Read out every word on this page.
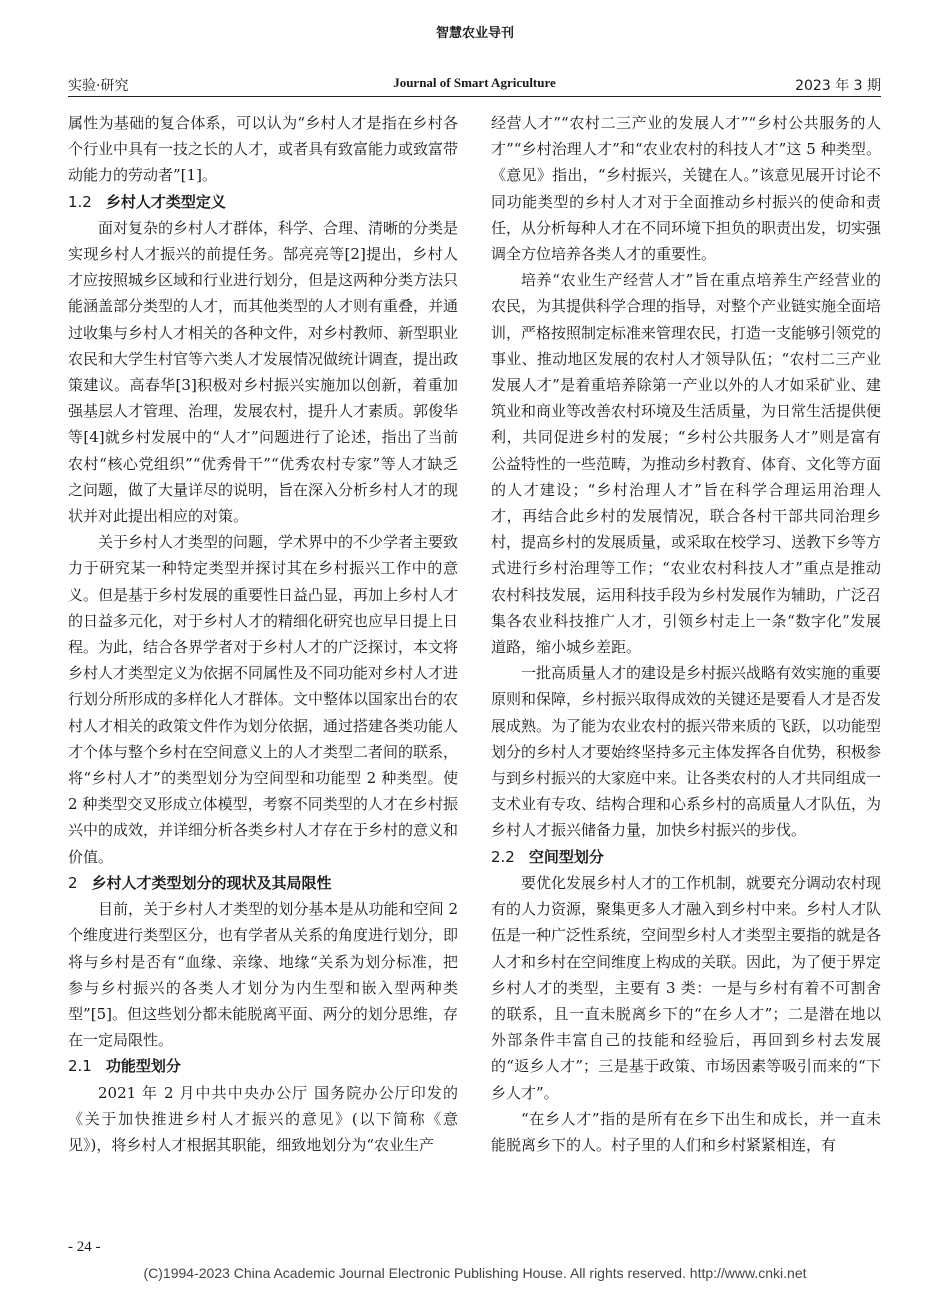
智慧农业导刊
实验·研究	Journal of Smart Agriculture	2023 年 3 期

属性为基础的复合体系，可以认为“乡村人才是指在乡村各个行业中具有一技之长的人才，或者具有致富能力或致富带动能力的劳动者”[1]。

1.2 乡村人才类型定义

面对复杂的乡村人才群体，科学、合理、清晰的分类是实现乡村人才振兴的前提任务。郜亮亮等[2]提出，乡村人才应按照城乡区域和行业进行划分，但是这两种分类方法只能涵盖部分类型的人才，而其他类型的人才则有重叠，并通过收集与乡村人才相关的各种文件，对乡村教师、新型职业农民和大学生村官等六类人才发展情况做统计调查，提出政策建议。高春华[3]积极对乡村振兴实施加以创新，着重加强基层人才管理、治理，发展农村，提升人才素质。郭俊华等[4]就乡村发展中的“人才”问题进行了论述，指出了当前农村“核心党组织”“优秀骨干”“优秀农村专家”等人才缺乏之问题，做了大量详尽的说明，旨在深入分析乡村人才的现状并对此提出相应的对策。

关于乡村人才类型的问题，学术界中的不少学者主要致力于研究某一种特定类型并探讨其在乡村振兴工作中的意义。但是基于乡村发展的重要性日益凸显，再加上乡村人才的日益多元化，对于乡村人才的精细化研究也应早日提上日程。为此，结合各界学者对于乡村人才的广泛探讨，本文将乡村人才类型定义为依据不同属性及不同功能对乡村人才进行划分所形成的多样化人才群体。文中整体以国家出台的农村人才相关的政策文件作为划分依据，通过搭建各类功能人才个体与整个乡村在空间意义上的人才类型二者间的联系，将“乡村人才”的类型划分为空间型和功能型 2 种类型。使 2 种类型交叉形成立体模型，考察不同类型的人才在乡村振兴中的成效，并详细分析各类乡村人才存在于乡村的意义和价值。

2 乡村人才类型划分的现状及其局限性

目前，关于乡村人才类型的划分基本是从功能和空间 2 个维度进行类型区分，也有学者从关系的角度进行划分，即将与乡村是否有“血缘、亲缘、地缘“关系为划分标准，把参与乡村振兴的各类人才划分为内生型和嵌入型两种类型”[5]。但这些划分都未能脱离平面、两分的划分思维，存在一定局限性。

2.1 功能型划分

2021 年 2 月中共中央办公厅 国务院办公厅印发的《关于加快推进乡村人才振兴的意见》(以下简称《意见》)，将乡村人才根据其职能，细致地划分为“农业生产

经营人才”“农村二三产业的发展人才”“乡村公共服务的人才”“乡村治理人才”和“农业农村的科技人才”这 5 种类型。《意见》指出，“乡村振兴，关键在人。”该意见展开讨论不同功能类型的乡村人才对于全面推动乡村振兴的使命和责任，从分析每种人才在不同环境下担负的职责出发，切实强调全方位培养各类人才的重要性。

培养“农业生产经营人才”旨在重点培养生产经营业的农民，为其提供科学合理的指导，对整个产业链实施全面培训，严格按照制定标准来管理农民，打造一支能够引领党的事业、推动地区发展的农村人才领导队伍；“农村二三产业发展人才”是着重培养除第一产业以外的人才如采矿业、建筑业和商业等改善农村环境及生活质量，为日常生活提供便利，共同促进乡村的发展；“乡村公共服务人才”则是富有公益特性的一些范畴，为推动乡村教育、体育、文化等方面的人才建设；“乡村治理人才”旨在科学合理运用治理人才，再结合此乡村的发展情况，联合各村干部共同治理乡村，提高乡村的发展质量，或采取在校学习、送教下乡等方式进行乡村治理等工作；“农业农村科技人才”重点是推动农村科技发展，运用科技手段为乡村发展作为辅助，广泛召集各农业科技推广人才，引领乡村走上一条“数字化”发展道路，缩小城乡差距。

一批高质量人才的建设是乡村振兴战略有效实施的重要原则和保障，乡村振兴取得成效的关键还是要看人才是否发展成熟。为了能为农业农村的振兴带来质的飞跃，以功能型划分的乡村人才要始终坚持多元主体发挥各自优势，积极参与到乡村振兴的大家庭中来。让各类农村的人才共同组成一支术业有专攻、结构合理和心系乡村的高质量人才队伍，为乡村人才振兴储备力量，加快乡村振兴的步伐。

2.2 空间型划分

要优化发展乡村人才的工作机制，就要充分调动农村现有的人力资源，聚集更多人才融入到乡村中来。乡村人才队伍是一种广泛性系统，空间型乡村人才类型主要指的就是各人才和乡村在空间维度上构成的关联。因此，为了便于界定乡村人才的类型，主要有 3 类：一是与乡村有着不可割舍的联系，且一直未脱离乡下的“在乡人才”；二是潜在地以外部条件丰富自己的技能和经验后，再回到乡村去发展的“返乡人才”；三是基于政策、市场因素等吸引而来的“下乡人才”。

“在乡人才”指的是所有在乡下出生和成长，并一直未能脱离乡下的人。村子里的人们和乡村紧紧相连，有

- 24 -
(C)1994-2023 China Academic Journal Electronic Publishing House. All rights reserved. http://www.cnki.net
